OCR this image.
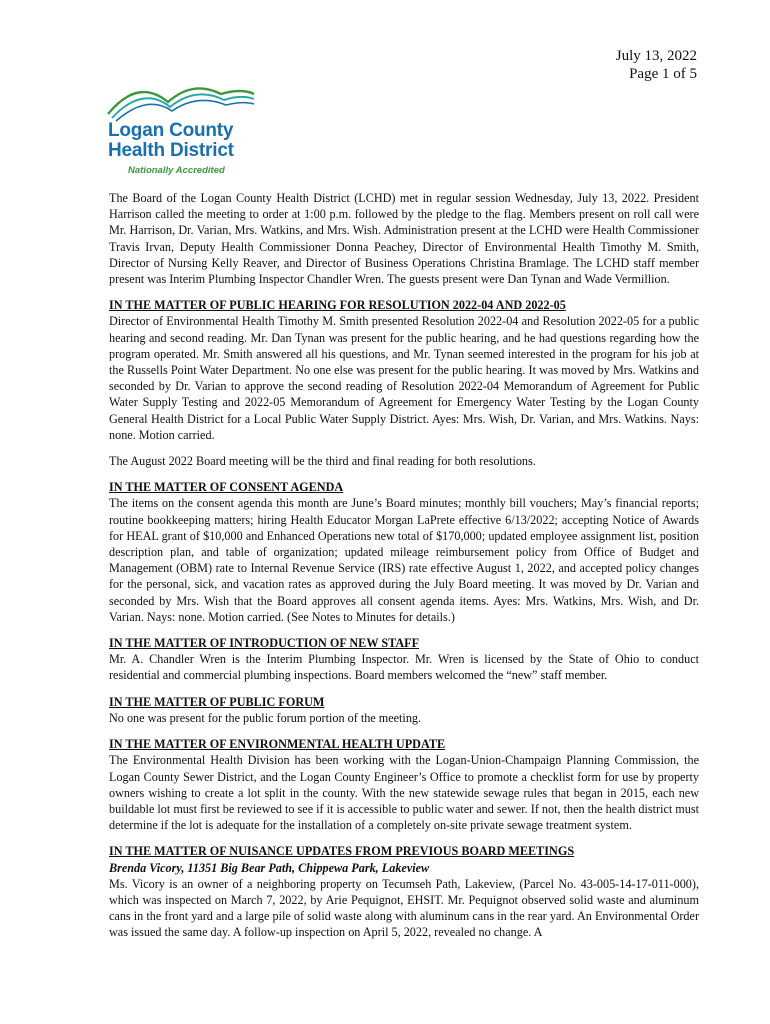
July 13, 2022
Page 1 of 5
Logan County
Health District
Nationally Accredited

The Board of the Logan County Health District (LCHD) met in regular session Wednesday, July 13, 2022. President Harrison called the meeting to order at 1:00 p.m. followed by the pledge to the flag. Members present on roll call were Mr. Harrison, Dr. Varian, Mrs. Watkins, and Mrs. Wish. Administration present at the LCHD were Health Commissioner Travis Irvan, Deputy Health Commissioner Donna Peachey, Director of Environmental Health Timothy M. Smith, Director of Nursing Kelly Reaver, and Director of Business Operations Christina Bramlage. The LCHD staff member present was Interim Plumbing Inspector Chandler Wren. The guests present were Dan Tynan and Wade Vermillion.

IN THE MATTER OF PUBLIC HEARING FOR RESOLUTION 2022-04 AND 2022-05

Director of Environmental Health Timothy M. Smith presented Resolution 2022-04 and Resolution 2022-05 for a public hearing and second reading. Mr. Dan Tynan was present for the public hearing, and he had questions regarding how the program operated. Mr. Smith answered all his questions, and Mr. Tynan seemed interested in the program for his job at the Russells Point Water Department. No one else was present for the public hearing. It was moved by Mrs. Watkins and seconded by Dr. Varian to approve the second reading of Resolution 2022-04 Memorandum of Agreement for Public Water Supply Testing and 2022-05 Memorandum of Agreement for Emergency Water Testing by the Logan County General Health District for a Local Public Water Supply District. Ayes: Mrs. Wish, Dr. Varian, and Mrs. Watkins. Nays: none. Motion carried.

The August 2022 Board meeting will be the third and final reading for both resolutions.

IN THE MATTER OF CONSENT AGENDA

The items on the consent agenda this month are June’s Board minutes; monthly bill vouchers; May’s financial reports; routine bookkeeping matters; hiring Health Educator Morgan LaPrete effective 6/13/2022; accepting Notice of Awards for HEAL grant of $10,000 and Enhanced Operations new total of $170,000; updated employee assignment list, position description plan, and table of organization; updated mileage reimbursement policy from Office of Budget and Management (OBM) rate to Internal Revenue Service (IRS) rate effective August 1, 2022, and accepted policy changes for the personal, sick, and vacation rates as approved during the July Board meeting. It was moved by Dr. Varian and seconded by Mrs. Wish that the Board approves all consent agenda items. Ayes: Mrs. Watkins, Mrs. Wish, and Dr. Varian. Nays: none. Motion carried. (See Notes to Minutes for details.)

IN THE MATTER OF INTRODUCTION OF NEW STAFF

Mr. A. Chandler Wren is the Interim Plumbing Inspector. Mr. Wren is licensed by the State of Ohio to conduct residential and commercial plumbing inspections. Board members welcomed the “new” staff member.

IN THE MATTER OF PUBLIC FORUM

No one was present for the public forum portion of the meeting.

IN THE MATTER OF ENVIRONMENTAL HEALTH UPDATE

The Environmental Health Division has been working with the Logan-Union-Champaign Planning Commission, the Logan County Sewer District, and the Logan County Engineer’s Office to promote a checklist form for use by property owners wishing to create a lot split in the county. With the new statewide sewage rules that began in 2015, each new buildable lot must first be reviewed to see if it is accessible to public water and sewer. If not, then the health district must determine if the lot is adequate for the installation of a completely on-site private sewage treatment system.

IN THE MATTER OF NUISANCE UPDATES FROM PREVIOUS BOARD MEETINGS

Brenda Vicory, 11351 Big Bear Path, Chippewa Park, Lakeview

Ms. Vicory is an owner of a neighboring property on Tecumseh Path, Lakeview, (Parcel No. 43-005-14-17-011-000), which was inspected on March 7, 2022, by Arie Pequignot, EHSIT. Mr. Pequignot observed solid waste and aluminum cans in the front yard and a large pile of solid waste along with aluminum cans in the rear yard. An Environmental Order was issued the same day. A follow-up inspection on April 5, 2022, revealed no change. A
